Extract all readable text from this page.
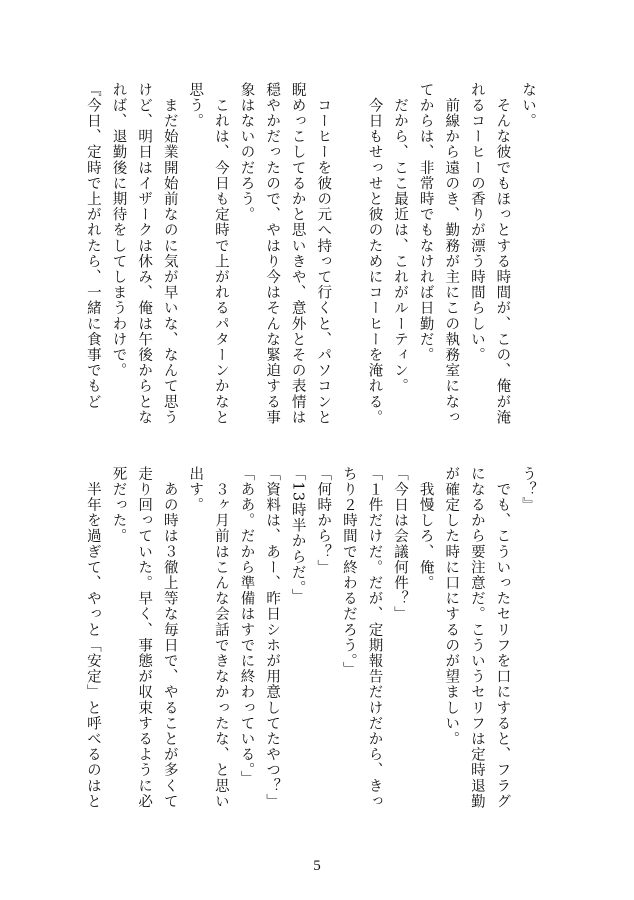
ない。
　そんな彼でもほっとする時間が、この、俺が淹
れるコーヒーの香りが漂う時間らしい。
　前線から遠のき、勤務が主にこの執務室になっ
てからは、非常時でもなければ日勤だ。
　だから、ここ最近は、これがルーティン。
　今日もせっせと彼のためにコーヒーを淹れる。

　コーヒーを彼の元へ持って行くと、パソコンと
睨めっこしてるかと思いきや、意外とその表情は
穏やかだったので、やはり今はそんな緊迫する事
象はないのだろう。
　これは、今日も定時で上がれるパターンかなと
思う。
　まだ始業開始前なのに気が早いな、なんて思う
けど、明日はイザークは休み、俺は午後からとな
れば、退勤後に期待をしてしまうわけで。
『今日、定時で上がれたら、一緒に食事でもど
う？』
　でも、こういったセリフを口にすると、フラグ
になるから要注意だ。こういうセリフは定時退勤
が確定した時に口にするのが望ましい。
　我慢しろ、俺。
「今日は会議何件？」
「１件だけだ。だが、定期報告だけだから、きっ
ちり２時間で終わるだろう。」
「何時から？」
「13時半からだ。」
「資料は、あー、昨日シホが用意してたやつ？」
「ああ。だから準備はすでに終わっている。」
　３ヶ月前はこんな会話できなかったな、と思い
出す。
　あの時は３徹上等な毎日で、やることが多くて
走り回っていた。早く、事態が収束するように必
死だった。
　半年を過ぎて、やっと「安定」と呼べるのはと
5
